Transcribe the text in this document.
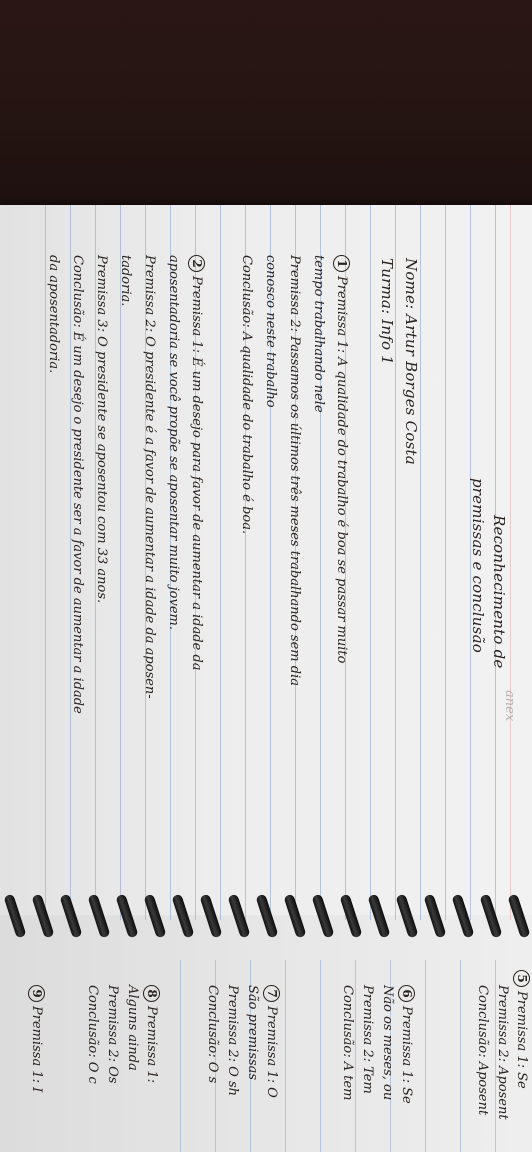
Reconhecimento de
premissas e conclusão
anex
Nome: Artur Borges Costa
Turma: Info 1
1Premissa 1: A qualidade do trabalho é boa se passar muito
tempo trabalhando nele
Premissa 2: Passamos os últimos três meses trabalhando sem dia
conosco neste trabalho
Conclusão: A qualidade do trabalho é boa.
2Premissa 1: É um desejo para favor de aumentar a idade da
aposentadoria se você propõe se aposentar muito jovem.
Premissa 2: O presidente é a favor de aumentar a idade da aposen-
tadoria.
Premissa 3: O presidente se aposentou com 33 anos.
Conclusão: É um desejo o presidente ser a favor de aumentar a idade
da aposentadoria.
5Premissa 1: Se
Premissa 2: Aposent
Conclusão: Aposent
6Premissa 1: Se
Não os meses, ou
Premissa 2: Tem
Conclusão: A tem
7Premissa 1: O
São premissas
Premissa 2: O sh
Conclusão: O s
8Premissa 1:
Alguns ainda
Premissa 2: Os
Conclusão: O c
9Premissa 1: I
